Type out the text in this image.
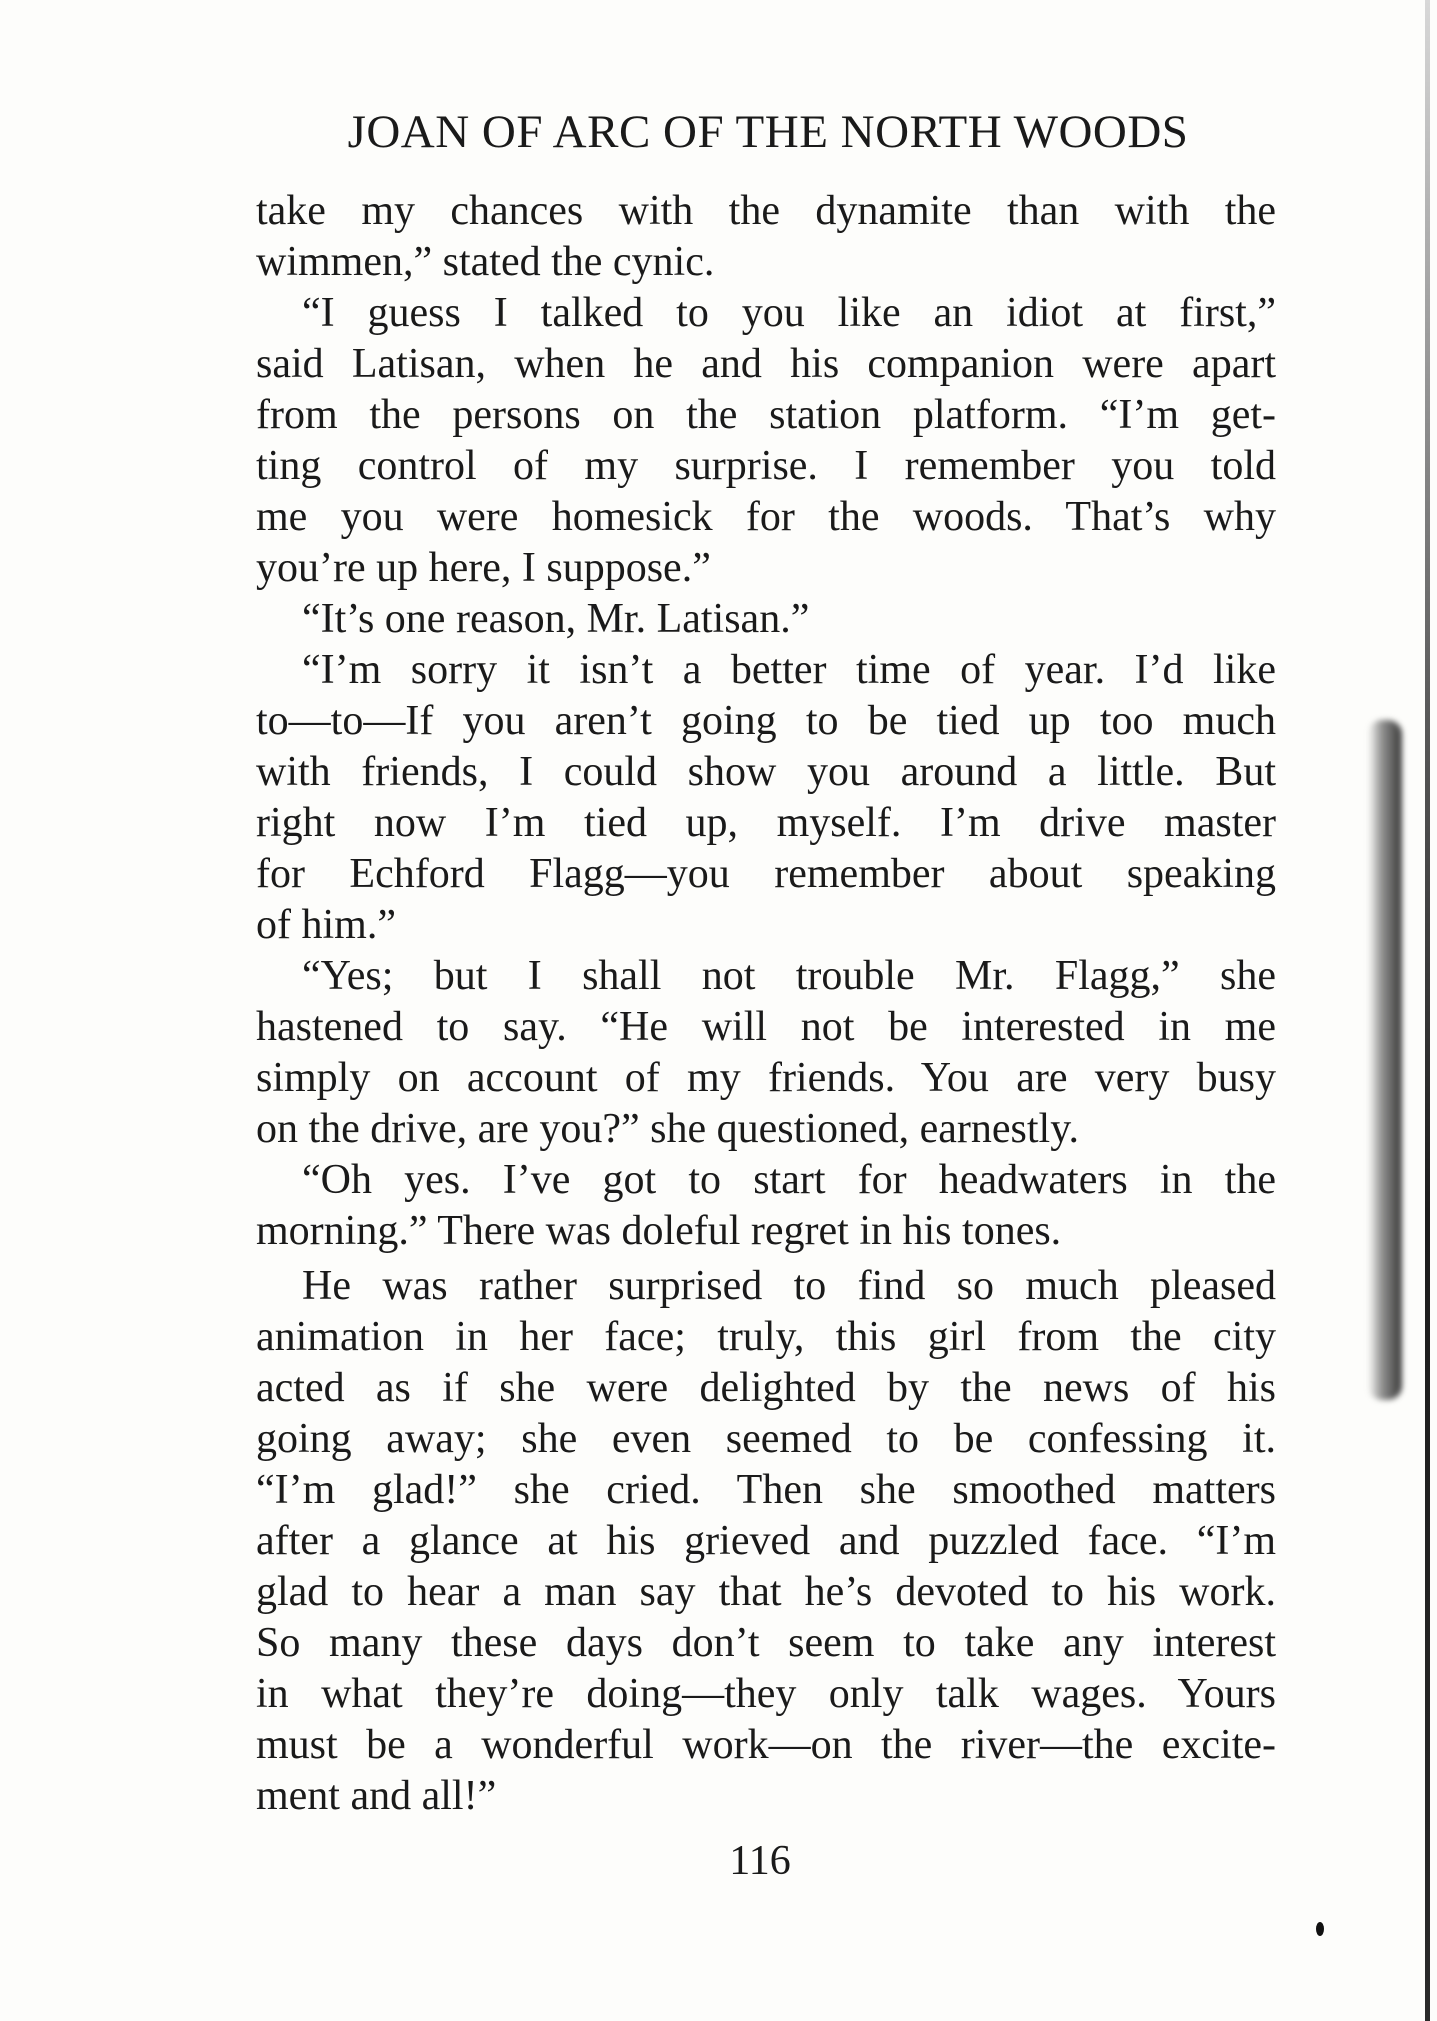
JOAN OF ARC OF THE NORTH WOODS
take my chances with the dynamite than with the
wimmen,” stated the cynic.
“I guess I talked to you like an idiot at first,”
said Latisan, when he and his companion were apart
from the persons on the station platform. “I’m get-
ting control of my surprise. I remember you told
me you were homesick for the woods. That’s why
you’re up here, I suppose.”
“It’s one reason, Mr. Latisan.”
“I’m sorry it isn’t a better time of year. I’d like
to—to—If you aren’t going to be tied up too much
with friends, I could show you around a little. But
right now I’m tied up, myself. I’m drive master
for Echford Flagg—you remember about speaking
of him.”
“Yes; but I shall not trouble Mr. Flagg,” she
hastened to say. “He will not be interested in me
simply on account of my friends. You are very busy
on the drive, are you?” she questioned, earnestly.
“Oh yes. I’ve got to start for headwaters in the
morning.” There was doleful regret in his tones.
He was rather surprised to find so much pleased
animation in her face; truly, this girl from the city
acted as if she were delighted by the news of his
going away; she even seemed to be confessing it.
“I’m glad!” she cried. Then she smoothed matters
after a glance at his grieved and puzzled face. “I’m
glad to hear a man say that he’s devoted to his work.
So many these days don’t seem to take any interest
in what they’re doing—they only talk wages. Yours
must be a wonderful work—on the river—the excite-
ment and all!”
116
